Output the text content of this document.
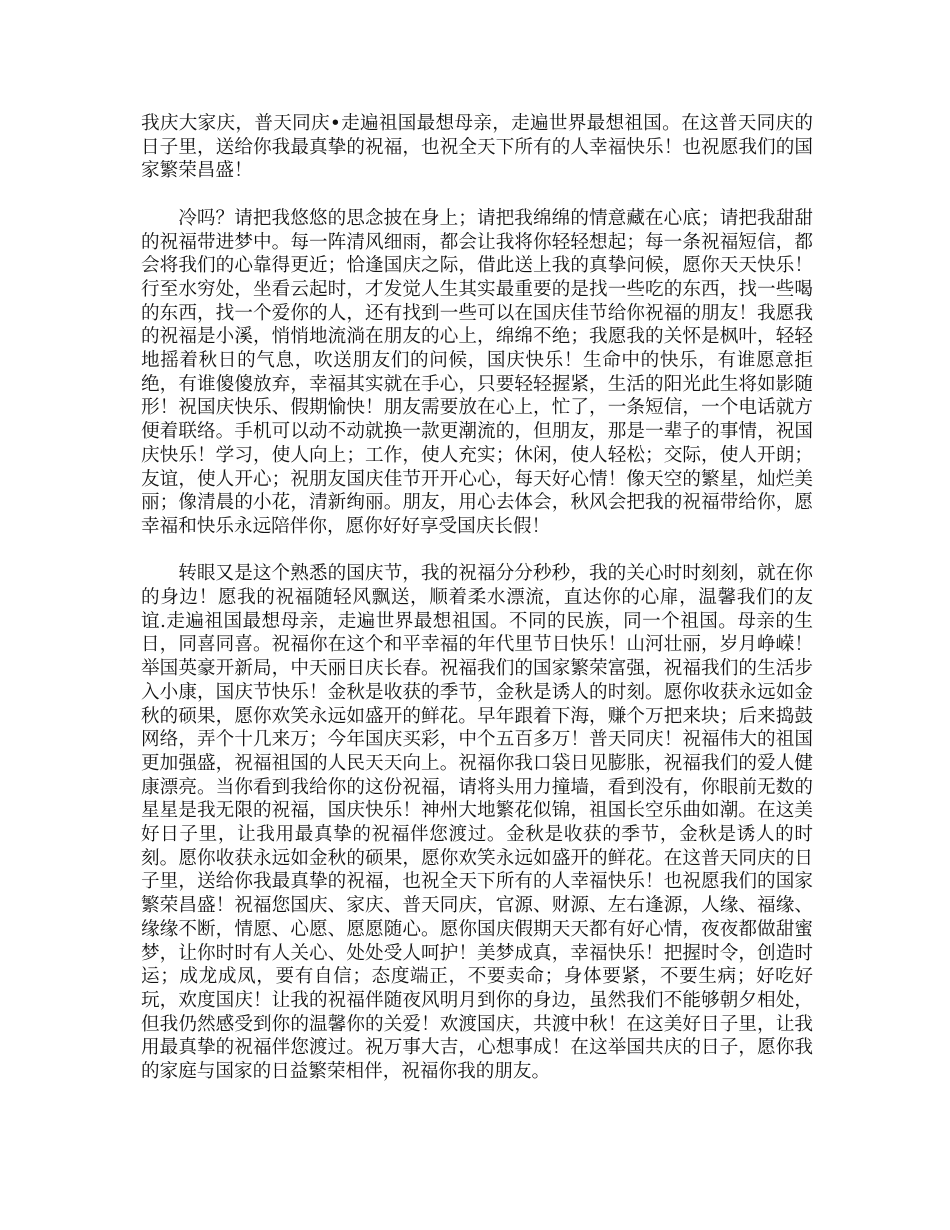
我庆大家庆，普天同庆•走遍祖国最想母亲，走遍世界最想祖国。在这普天同庆的日子里，送给你我最真挚的祝福，也祝全天下所有的人幸福快乐！也祝愿我们的国家繁荣昌盛！

冷吗？请把我悠悠的思念披在身上；请把我绵绵的情意藏在心底；请把我甜甜的祝福带进梦中。每一阵清风细雨，都会让我将你轻轻想起；每一条祝福短信，都会将我们的心靠得更近；恰逢国庆之际，借此送上我的真挚问候，愿你天天快乐！行至水穷处，坐看云起时，才发觉人生其实最重要的是找一些吃的东西，找一些喝的东西，找一个爱你的人，还有找到一些可以在国庆佳节给你祝福的朋友！我愿我的祝福是小溪，悄悄地流淌在朋友的心上，绵绵不绝；我愿我的关怀是枫叶，轻轻地摇着秋日的气息，吹送朋友们的问候，国庆快乐！生命中的快乐，有谁愿意拒绝，有谁傻傻放弃，幸福其实就在手心，只要轻轻握紧，生活的阳光此生将如影随形！祝国庆快乐、假期愉快！朋友需要放在心上，忙了，一条短信，一个电话就方便着联络。手机可以动不动就换一款更潮流的，但朋友，那是一辈子的事情，祝国庆快乐！学习，使人向上；工作，使人充实；休闲，使人轻松；交际，使人开朗；友谊，使人开心；祝朋友国庆佳节开开心心，每天好心情！像天空的繁星，灿烂美丽；像清晨的小花，清新绚丽。朋友，用心去体会，秋风会把我的祝福带给你，愿幸福和快乐永远陪伴你，愿你好好享受国庆长假！

转眼又是这个熟悉的国庆节，我的祝福分分秒秒，我的关心时时刻刻，就在你的身边！愿我的祝福随轻风飘送，顺着柔水漂流，直达你的心扉，温馨我们的友谊.走遍祖国最想母亲，走遍世界最想祖国。不同的民族，同一个祖国。母亲的生日，同喜同喜。祝福你在这个和平幸福的年代里节日快乐！山河壮丽，岁月峥嵘！举国英豪开新局，中天丽日庆长春。祝福我们的国家繁荣富强，祝福我们的生活步入小康，国庆节快乐！金秋是收获的季节，金秋是诱人的时刻。愿你收获永远如金秋的硕果，愿你欢笑永远如盛开的鲜花。早年跟着下海，赚个万把来块；后来捣鼓网络，弄个十几来万；今年国庆买彩，中个五百多万！普天同庆！祝福伟大的祖国更加强盛，祝福祖国的人民天天向上。祝福你我口袋日见膨胀，祝福我们的爱人健康漂亮。当你看到我给你的这份祝福，请将头用力撞墙，看到没有，你眼前无数的星星是我无限的祝福，国庆快乐！神州大地繁花似锦，祖国长空乐曲如潮。在这美好日子里，让我用最真挚的祝福伴您渡过。金秋是收获的季节，金秋是诱人的时刻。愿你收获永远如金秋的硕果，愿你欢笑永远如盛开的鲜花。在这普天同庆的日子里，送给你我最真挚的祝福，也祝全天下所有的人幸福快乐！也祝愿我们的国家繁荣昌盛！祝福您国庆、家庆、普天同庆，官源、财源、左右逢源，人缘、福缘、缘缘不断，情愿、心愿、愿愿随心。愿你国庆假期天天都有好心情，夜夜都做甜蜜梦，让你时时有人关心、处处受人呵护！美梦成真，幸福快乐！把握时令，创造时运；成龙成凤，要有自信；态度端正，不要卖命；身体要紧，不要生病；好吃好玩，欢度国庆！让我的祝福伴随夜风明月到你的身边，虽然我们不能够朝夕相处，但我仍然感受到你的温馨你的关爱！欢渡国庆，共渡中秋！在这美好日子里，让我用最真挚的祝福伴您渡过。祝万事大吉，心想事成！在这举国共庆的日子，愿你我的家庭与国家的日益繁荣相伴，祝福你我的朋友。
